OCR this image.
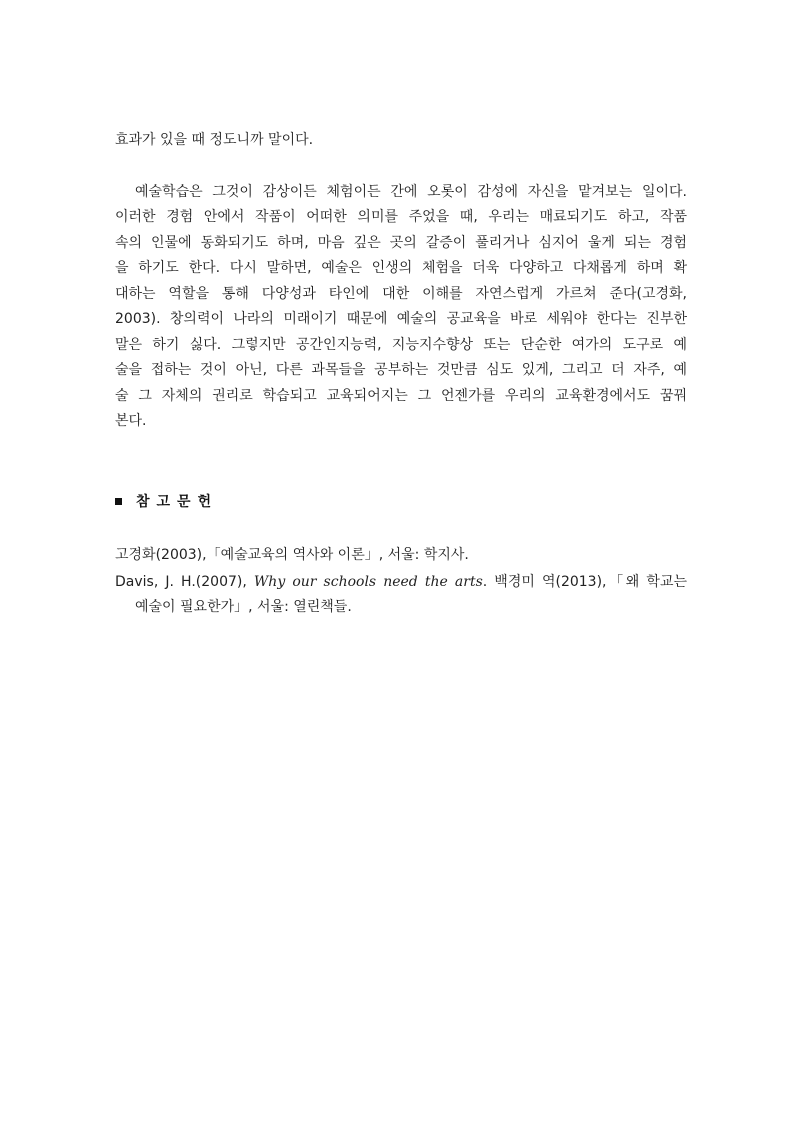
효과가 있을 때 정도니까 말이다.
예술학습은 그것이 감상이든 체험이든 간에 오롯이 감성에 자신을 맡겨보는 일이다.
이러한 경험 안에서 작품이 어떠한 의미를 주었을 때, 우리는 매료되기도 하고, 작품
속의 인물에 동화되기도 하며, 마음 깊은 곳의 갈증이 풀리거나 심지어 울게 되는 경험
을 하기도 한다. 다시 말하면, 예술은 인생의 체험을 더욱 다양하고 다채롭게 하며 확
대하는 역할을 통해 다양성과 타인에 대한 이해를 자연스럽게 가르쳐 준다(고경화,
2003). 창의력이 나라의 미래이기 때문에 예술의 공교육을 바로 세워야 한다는 진부한
말은 하기 싫다. 그렇지만 공간인지능력, 지능지수향상 또는 단순한 여가의 도구로 예
술을 접하는 것이 아닌, 다른 과목들을 공부하는 것만큼 심도 있게, 그리고 더 자주, 예
술 그 자체의 권리로 학습되고 교육되어지는 그 언젠가를 우리의 교육환경에서도 꿈꿔
본다.
참고문헌
고경화(2003),「예술교육의 역사와 이론」, 서울: 학지사.
Davis, J. H.(2007), Why our schools need the arts. 백경미 역(2013),「왜 학교는
예술이 필요한가」, 서울: 열린책들.
